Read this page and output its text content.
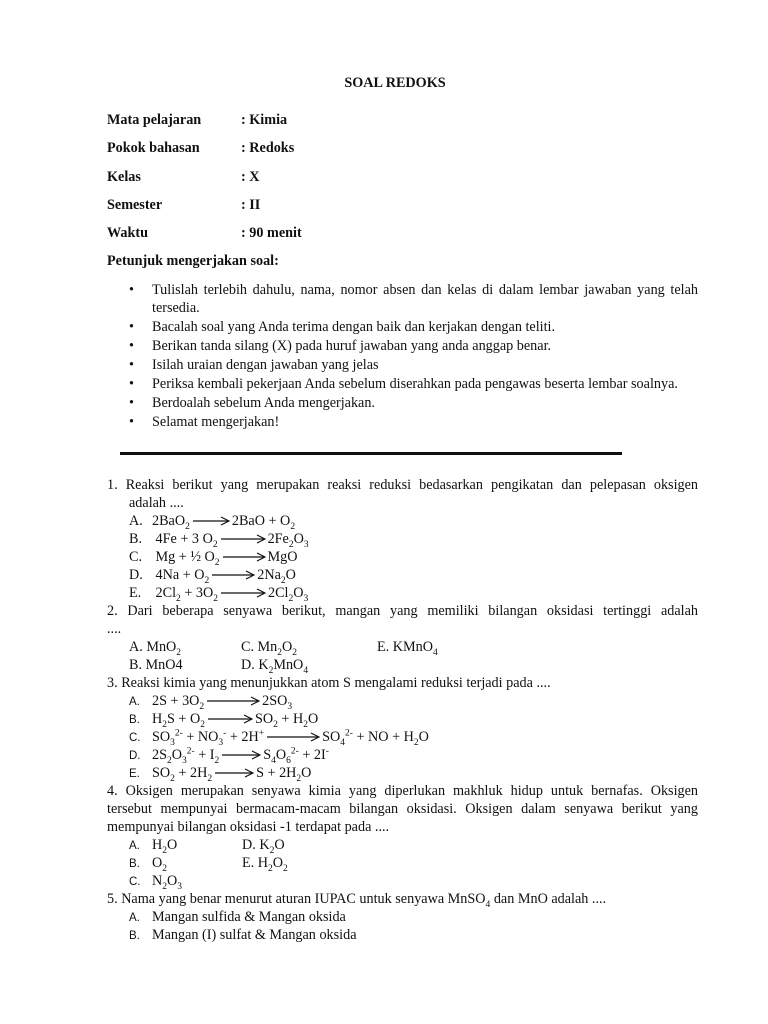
SOAL REDOKS
Mata pelajaran	: Kimia
Pokok bahasan	: Redoks
Kelas	: X
Semester	: II
Waktu	: 90 menit
Petunjuk mengerjakan soal:
• Tulislah terlebih dahulu, nama, nomor absen dan kelas di dalam lembar jawaban yang telah tersedia.
• Bacalah soal yang Anda terima dengan baik dan kerjakan dengan teliti.
• Berikan tanda silang (X) pada huruf jawaban yang anda anggap benar.
• Isilah uraian dengan jawaban yang jelas
• Periksa kembali pekerjaan Anda sebelum diserahkan pada pengawas beserta lembar soalnya.
• Berdoalah sebelum Anda mengerjakan.
• Selamat mengerjakan!
1. Reaksi berikut yang merupakan reaksi reduksi bedasarkan pengikatan dan pelepasan oksigen
adalah ....
A. 2BaO$_2$	$2BaO + O_2$
B. 4Fe + 3 $O_2$	$2Fe_2O_3$
C. Mg + ½ $O_2$	MgO
D. $4Na + O_2$	$2Na_2O$
E. $2Cl_2 + 3O_2$	$2Cl_2O_3$
2. Dari beberapa senyawa berikut, mangan yang memiliki bilangan oksidasi tertinggi adalah
....
A. MnO$_2$	C. $Mn_2O_2$	E. KMnO$_4$
B. MnO4	D. $K_2MnO_4$
3. Reaksi kimia yang menunjukkan atom S mengalami reduksi terjadi pada ....
A. $2S + 3O_2$	$2SO_3$
B. $H_2S + O_2$	$SO_2 + H_2O$
C. $SO_3^{2-} + NO_3^- + 2H^+$	$SO_4^{2-}$ + NO + $H_2O$
D. $2S_2O_3^{2-} + I_2$	$S_4O_6^{2-} + 2I^-$
E. $SO_2 + 2H_2$	$S + 2H_2O$
4. Oksigen merupakan senyawa kimia yang diperlukan makhluk hidup untuk bernafas. Oksigen
tersebut mempunyai bermacam-macam bilangan oksidasi. Oksigen dalam senyawa berikut yang
mempunyai bilangan oksidasi -1 terdapat pada ....
A. $H_2O$	D. $K_2O$
B. $O_2$	E. $H_2O_2$
C. $N_2O_3$
5. Nama yang benar menurut aturan IUPAC untuk senyawa MnSO$_4$ dan MnO adalah ....
A. Mangan sulfida & Mangan oksida
B. Mangan (I) sulfat & Mangan oksida
